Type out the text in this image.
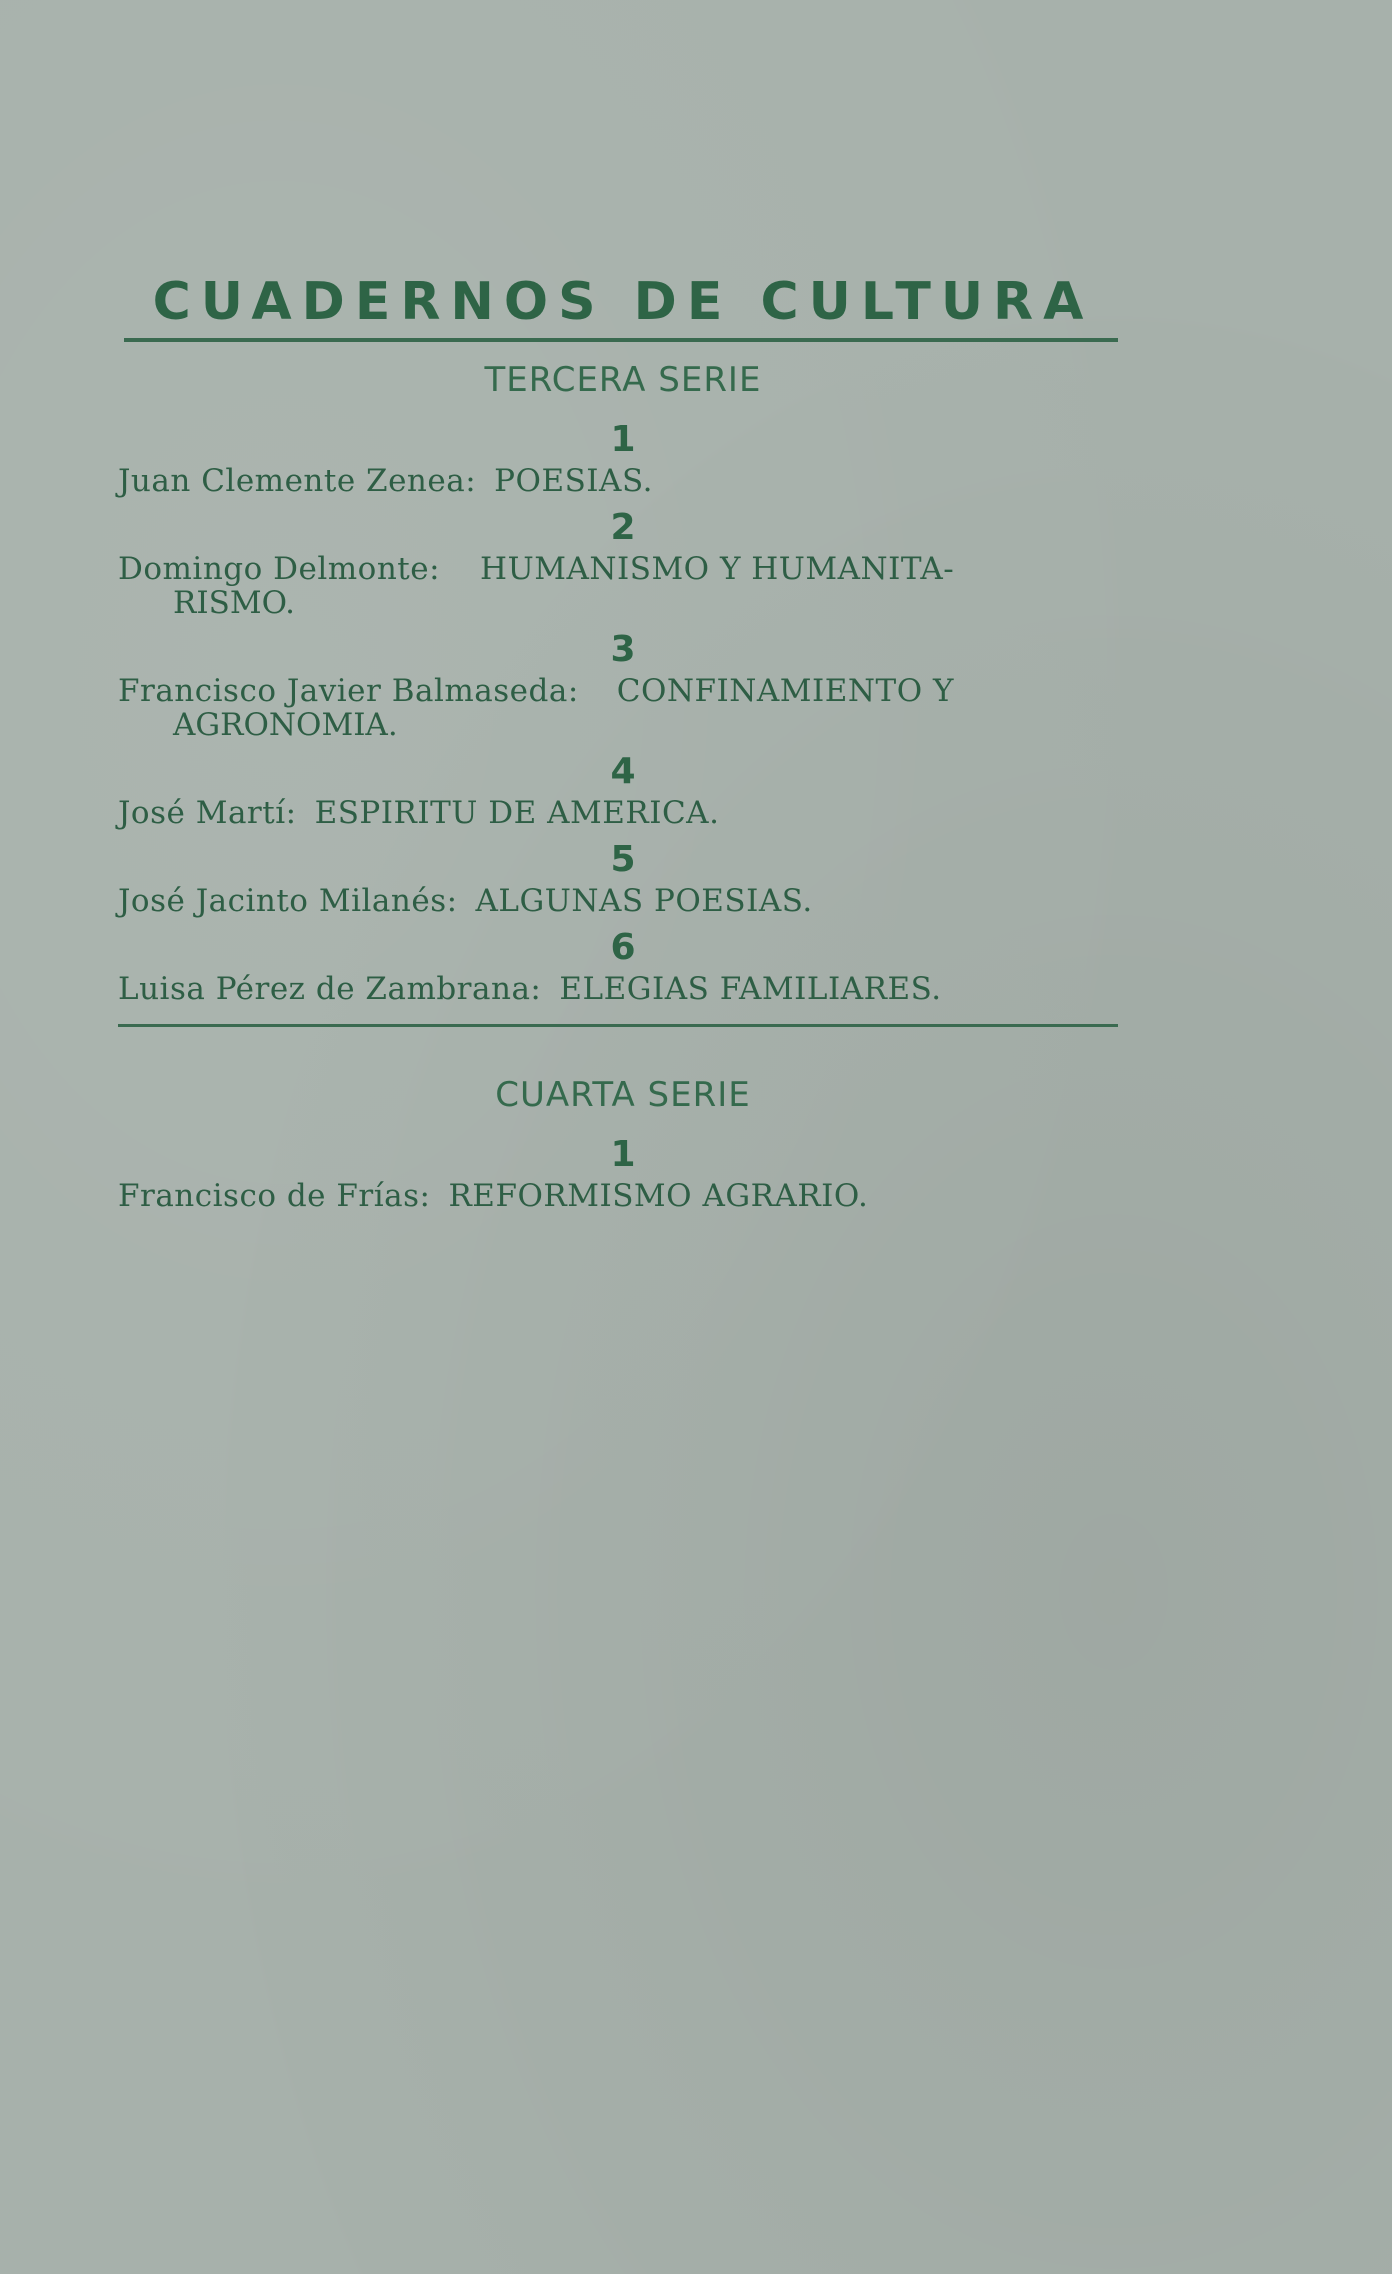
CUADERNOS DE CULTURA
TERCERA SERIE
1
Juan Clemente Zenea: POESIAS.
2
Domingo Delmonte: HUMANISMO Y HUMANITA-
RISMO.
3
Francisco Javier Balmaseda: CONFINAMIENTO Y
AGRONOMIA.
4
José Martí: ESPIRITU DE AMERICA.
5
José Jacinto Milanés: ALGUNAS POESIAS.
6
Luisa Pérez de Zambrana: ELEGIAS FAMILIARES.
CUARTA SERIE
1
Francisco de Frías: REFORMISMO AGRARIO.
